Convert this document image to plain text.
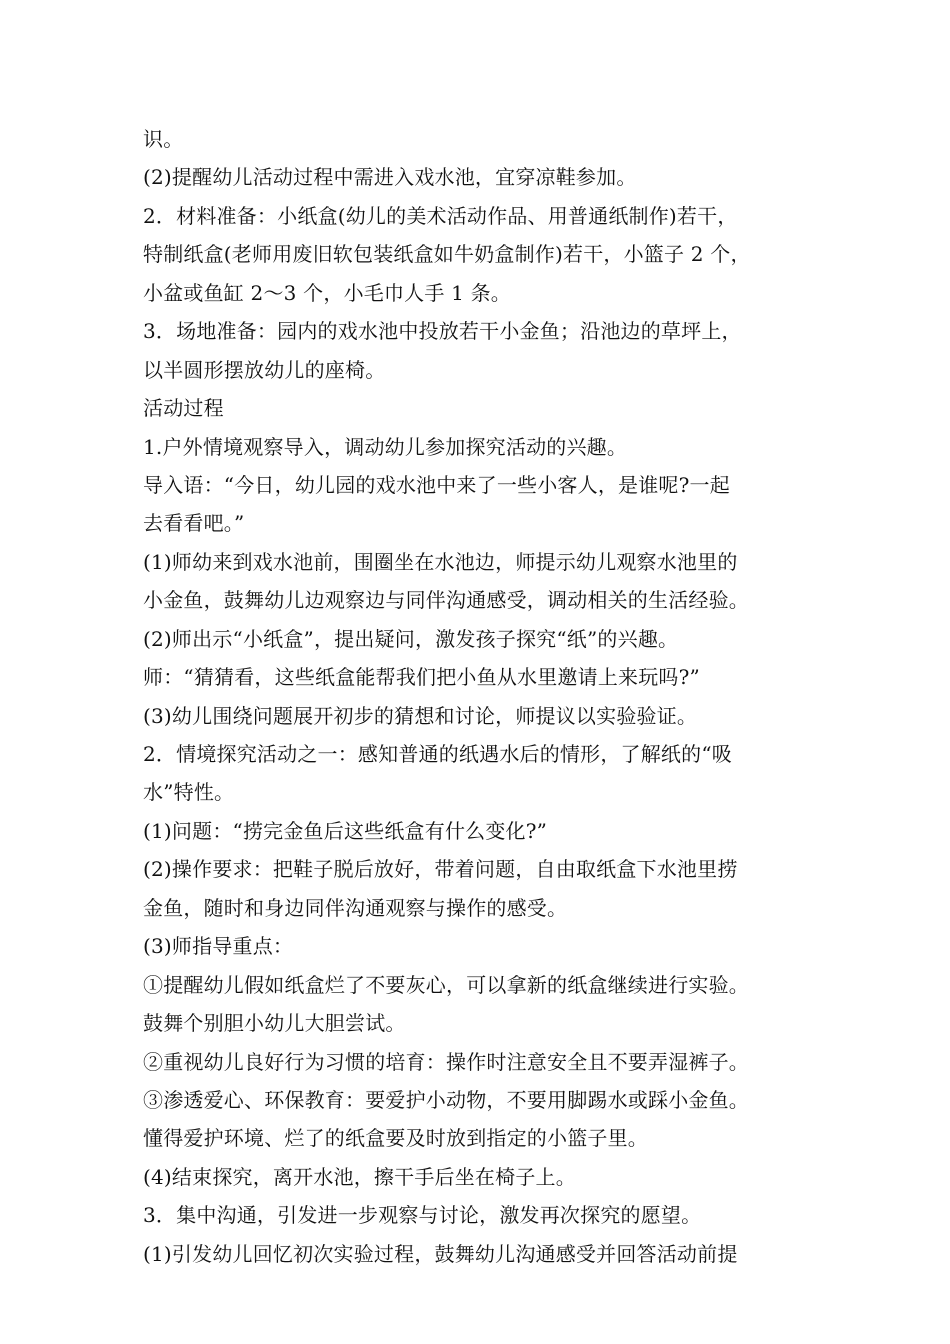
识。
(2)提醒幼儿活动过程中需进入戏水池，宜穿凉鞋参加。
2．材料准备：小纸盒(幼儿的美术活动作品、用普通纸制作)若干，
特制纸盒(老师用废旧软包装纸盒如牛奶盒制作)若干，小篮子 2 个，
小盆或鱼缸 2～3 个，小毛巾人手 1 条。
3．场地准备：园内的戏水池中投放若干小金鱼；沿池边的草坪上，
以半圆形摆放幼儿的座椅。
活动过程
1.户外情境观察导入，调动幼儿参加探究活动的兴趣。
导入语：“今日，幼儿园的戏水池中来了一些小客人，是谁呢?一起
去看看吧。”
(1)师幼来到戏水池前，围圈坐在水池边，师提示幼儿观察水池里的
小金鱼，鼓舞幼儿边观察边与同伴沟通感受，调动相关的生活经验。
(2)师出示“小纸盒”，提出疑问，激发孩子探究“纸”的兴趣。
师：“猜猜看，这些纸盒能帮我们把小鱼从水里邀请上来玩吗?”
(3)幼儿围绕问题展开初步的猜想和讨论，师提议以实验验证。
2．情境探究活动之一：感知普通的纸遇水后的情形，了解纸的“吸
水”特性。
(1)问题：“捞完金鱼后这些纸盒有什么变化?”
(2)操作要求：把鞋子脱后放好，带着问题，自由取纸盒下水池里捞
金鱼，随时和身边同伴沟通观察与操作的感受。
(3)师指导重点：
①提醒幼儿假如纸盒烂了不要灰心，可以拿新的纸盒继续进行实验。
鼓舞个别胆小幼儿大胆尝试。
②重视幼儿良好行为习惯的培育：操作时注意安全且不要弄湿裤子。
③渗透爱心、环保教育：要爱护小动物，不要用脚踢水或踩小金鱼。
懂得爱护环境、烂了的纸盒要及时放到指定的小篮子里。
(4)结束探究，离开水池，擦干手后坐在椅子上。
3．集中沟通，引发进一步观察与讨论，激发再次探究的愿望。
(1)引发幼儿回忆初次实验过程，鼓舞幼儿沟通感受并回答活动前提
